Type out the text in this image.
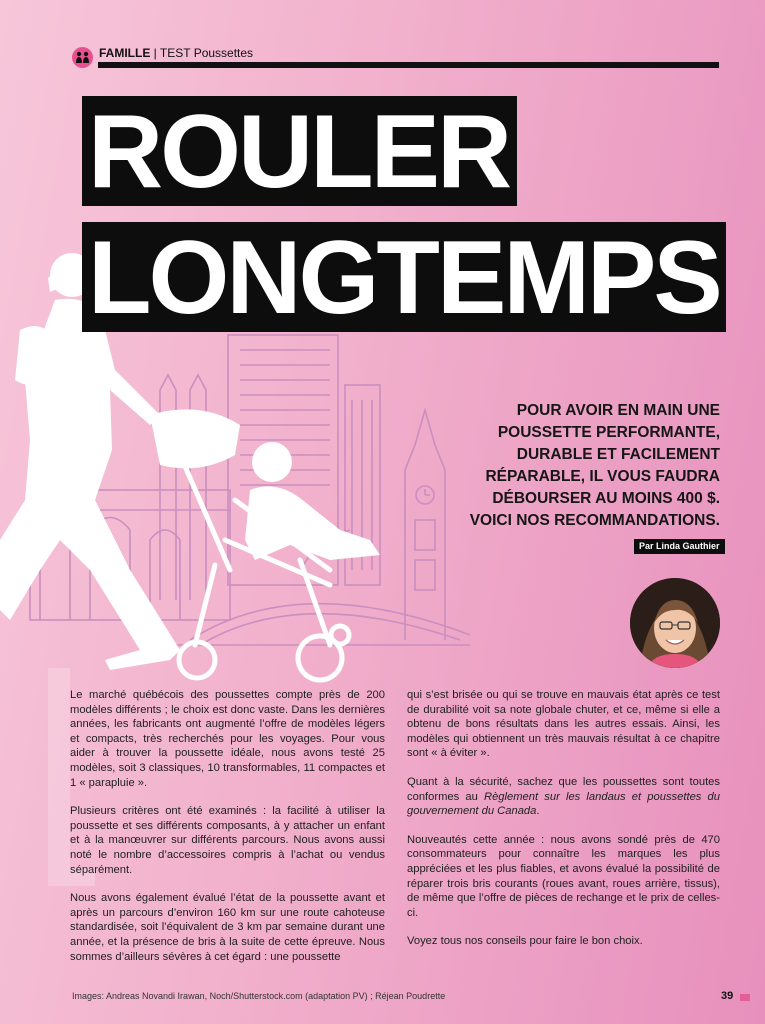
FAMILLE | TEST Poussettes
ROULER
LONGTEMPS
POUR AVOIR EN MAIN UNE POUSSETTE PERFORMANTE, DURABLE ET FACILEMENT RÉPARABLE, IL VOUS FAUDRA DÉBOURSER AU MOINS 400 $. VOICI NOS RECOMMANDATIONS.
Par Linda Gauthier

Le marché québécois des poussettes compte près de 200 modèles différents ; le choix est donc vaste. Dans les dernières années, les fabricants ont augmenté l’offre de modèles légers et compacts, très recherchés pour les voyages. Pour vous aider à trouver la poussette idéale, nous avons testé 25 modèles, soit 3 classiques, 10 transformables, 11 compactes et 1 « parapluie ».

Plusieurs critères ont été examinés : la facilité à utiliser la poussette et ses différents composants, à y attacher un enfant et à la manœuvrer sur différents parcours. Nous avons aussi noté le nombre d’accessoires compris à l’achat ou vendus séparément.

Nous avons également évalué l’état de la poussette avant et après un parcours d’environ 160 km sur une route cahoteuse standardisée, soit l’équivalent de 3 km par semaine durant une année, et la présence de bris à la suite de cette épreuve. Nous sommes d’ailleurs sévères à cet égard : une poussette

qui s’est brisée ou qui se trouve en mauvais état après ce test de durabilité voit sa note globale chuter, et ce, même si elle a obtenu de bons résultats dans les autres essais. Ainsi, les modèles qui obtiennent un très mauvais résultat à ce chapitre sont « à éviter ».

Quant à la sécurité, sachez que les poussettes sont toutes conformes au Règlement sur les landaus et poussettes du gouvernement du Canada.

Nouveautés cette année : nous avons sondé près de 470 consommateurs pour connaître les marques les plus appréciées et les plus fiables, et avons évalué la possibilité de réparer trois bris courants (roues avant, roues arrière, tissus), de même que l’offre de pièces de rechange et le prix de celles-ci.

Voyez tous nos conseils pour faire le bon choix.

Images: Andreas Novandi Irawan, Noch/Shutterstock.com (adaptation PV) ; Réjean Poudrette	39
